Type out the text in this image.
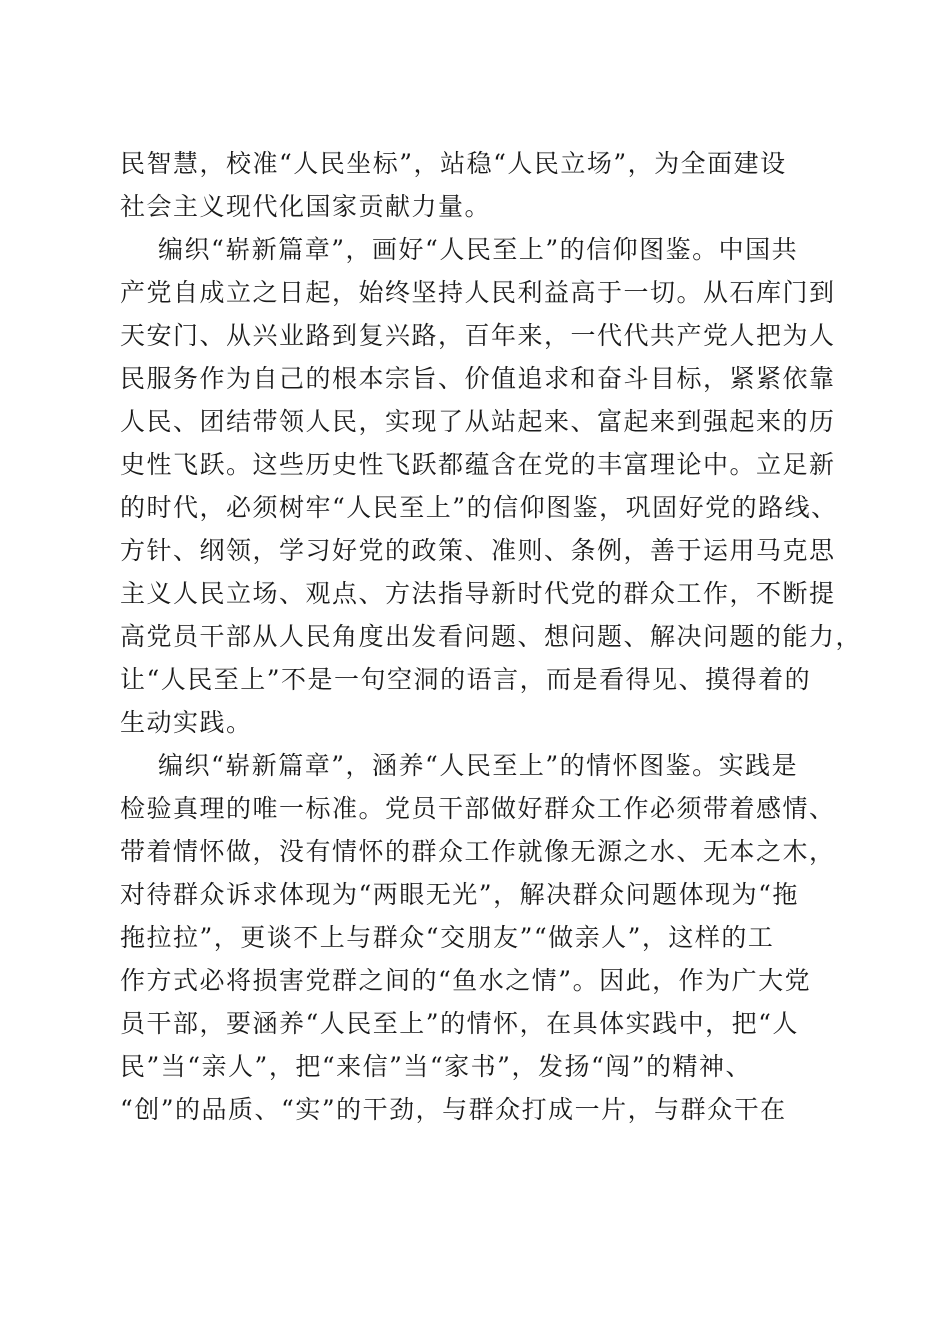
民智慧，校准“人民坐标”，站稳“人民立场”，为全面建设
社会主义现代化国家贡献力量。
编织“崭新篇章”，画好“人民至上”的信仰图鉴。中国共
产党自成立之日起，始终坚持人民利益高于一切。从石库门到
天安门、从兴业路到复兴路，百年来，一代代共产党人把为人
民服务作为自己的根本宗旨、价值追求和奋斗目标，紧紧依靠
人民、团结带领人民，实现了从站起来、富起来到强起来的历
史性飞跃。这些历史性飞跃都蕴含在党的丰富理论中。立足新
的时代，必须树牢“人民至上”的信仰图鉴，巩固好党的路线、
方针、纲领，学习好党的政策、准则、条例，善于运用马克思
主义人民立场、观点、方法指导新时代党的群众工作，不断提
高党员干部从人民角度出发看问题、想问题、解决问题的能力，
让“人民至上”不是一句空洞的语言，而是看得见、摸得着的
生动实践。
编织“崭新篇章”，涵养“人民至上”的情怀图鉴。实践是
检验真理的唯一标准。党员干部做好群众工作必须带着感情、
带着情怀做，没有情怀的群众工作就像无源之水、无本之木，
对待群众诉求体现为“两眼无光”，解决群众问题体现为“拖
拖拉拉”，更谈不上与群众“交朋友”“做亲人”，这样的工
作方式必将损害党群之间的“鱼水之情”。因此，作为广大党
员干部，要涵养“人民至上”的情怀，在具体实践中，把“人
民”当“亲人”，把“来信”当“家书”，发扬“闯”的精神、
“创”的品质、“实”的干劲，与群众打成一片，与群众干在
